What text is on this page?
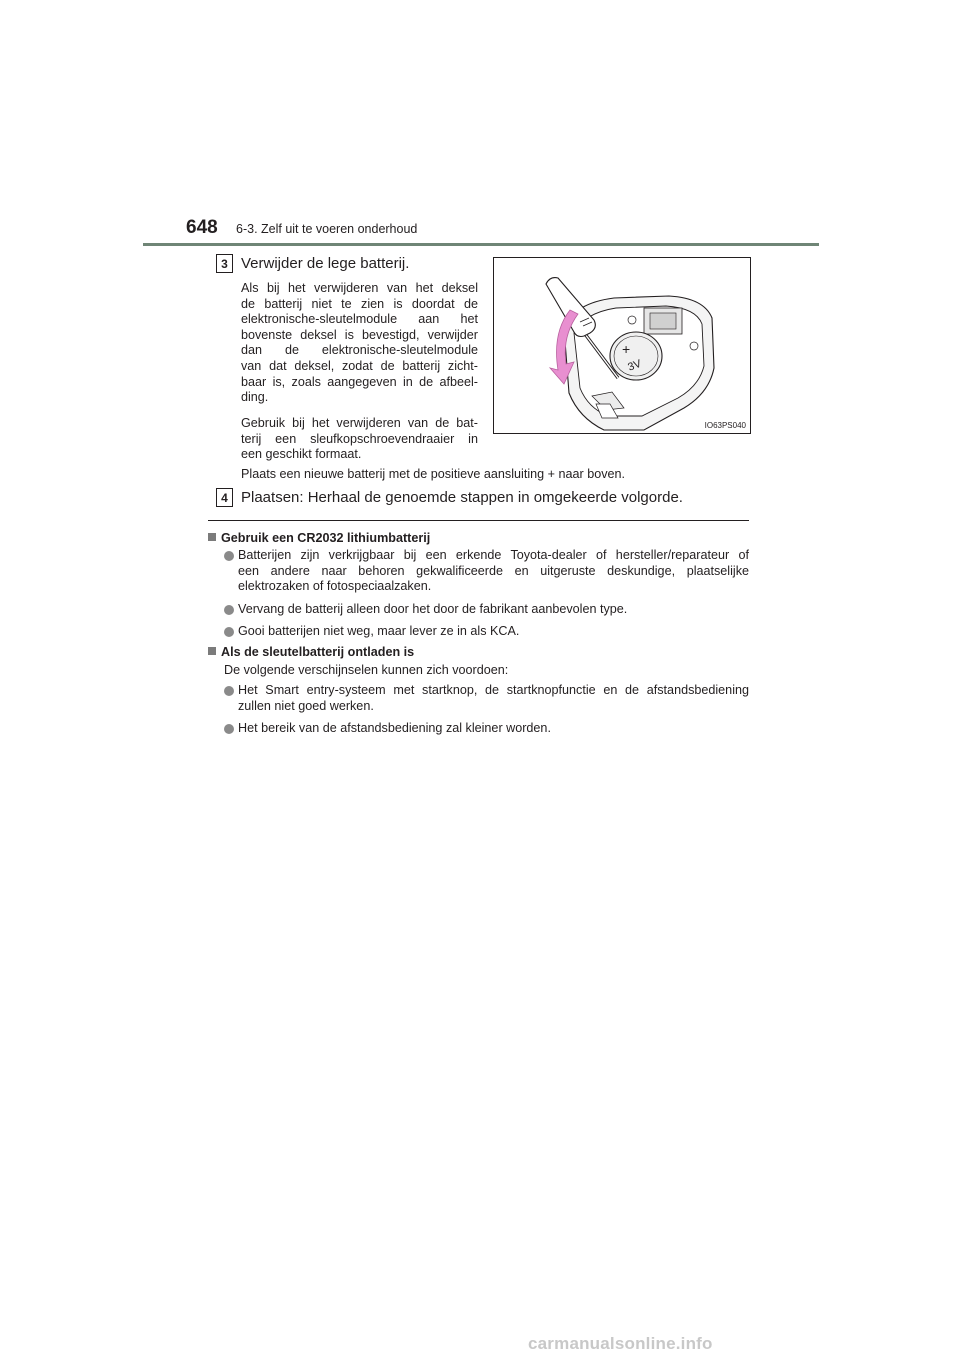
648 6-3. Zelf uit te voeren onderhoud
3 Verwijder de lege batterij.
Als bij het verwijderen van het deksel
de batterij niet te zien is doordat de
elektronische-sleutelmodule aan het
bovenste deksel is bevestigd, verwijder
dan de elektronische-sleutelmodule
van dat deksel, zodat de batterij zicht-
baar is, zoals aangegeven in de afbeel-
ding.
Gebruik bij het verwijderen van de bat-
terij een sleufkopschroevendraaier in
een geschikt formaat.
Plaats een nieuwe batterij met de positieve aansluiting + naar boven.
+
3V
IO63PS040
4 Plaatsen: Herhaal de genoemde stappen in omgekeerde volgorde.
Gebruik een CR2032 lithiumbatterij
Batterijen zijn verkrijgbaar bij een erkende Toyota-dealer of hersteller/reparateur of
een andere naar behoren gekwalificeerde en uitgeruste deskundige, plaatselijke
elektrozaken of fotospeciaalzaken.
Vervang de batterij alleen door het door de fabrikant aanbevolen type.
Gooi batterijen niet weg, maar lever ze in als KCA.
Als de sleutelbatterij ontladen is
De volgende verschijnselen kunnen zich voordoen:
Het Smart entry-systeem met startknop, de startknopfunctie en de afstandsbediening
zullen niet goed werken.
Het bereik van de afstandsbediening zal kleiner worden.
carmanualsonline.info
